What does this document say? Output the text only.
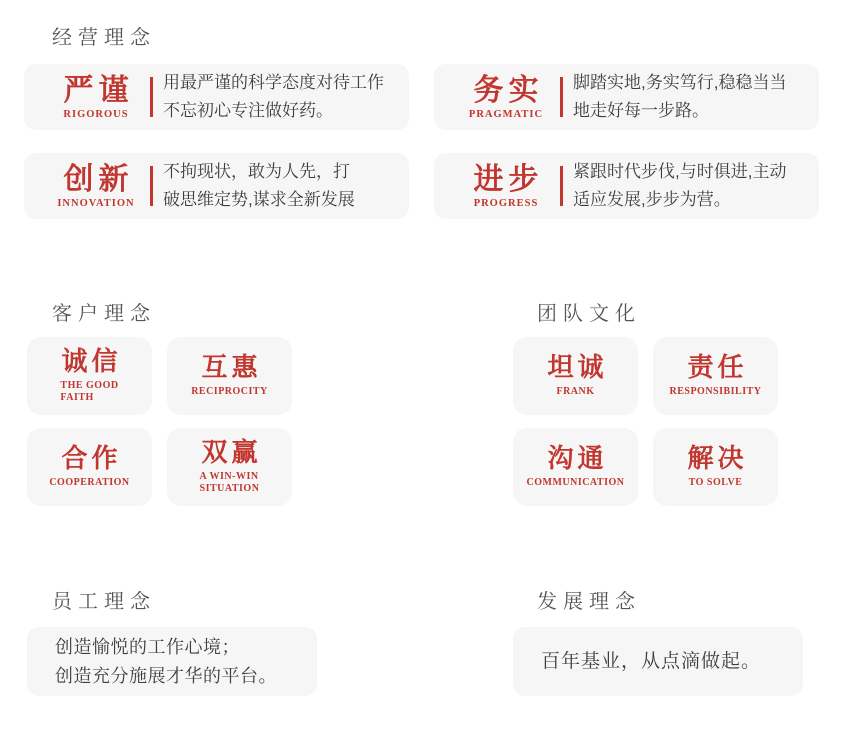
经营理念
严谨
RIGOROUS
用最严谨的科学态度对待工作
不忘初心专注做好药。
务实
PRAGMATIC
脚踏实地,务实笃行,稳稳当当
地走好每一步路。
创新
INNOVATION
不拘现状，敢为人先，打
破思维定势,谋求全新发展
进步
PROGRESS
紧跟时代步伐,与时俱进,主动
适应发展,步步为营。
客户理念
诚信
THE GOOD
FAITH
互惠
RECIPROCITY
合作
COOPERATION
双赢
A WIN-WIN
SITUATION
团队文化
坦诚
FRANK
责任
RESPONSIBILITY
沟通
COMMUNICATION
解决
TO SOLVE
员工理念
创造愉悦的工作心境；
创造充分施展才华的平台。
发展理念
百年基业，从点滴做起。
